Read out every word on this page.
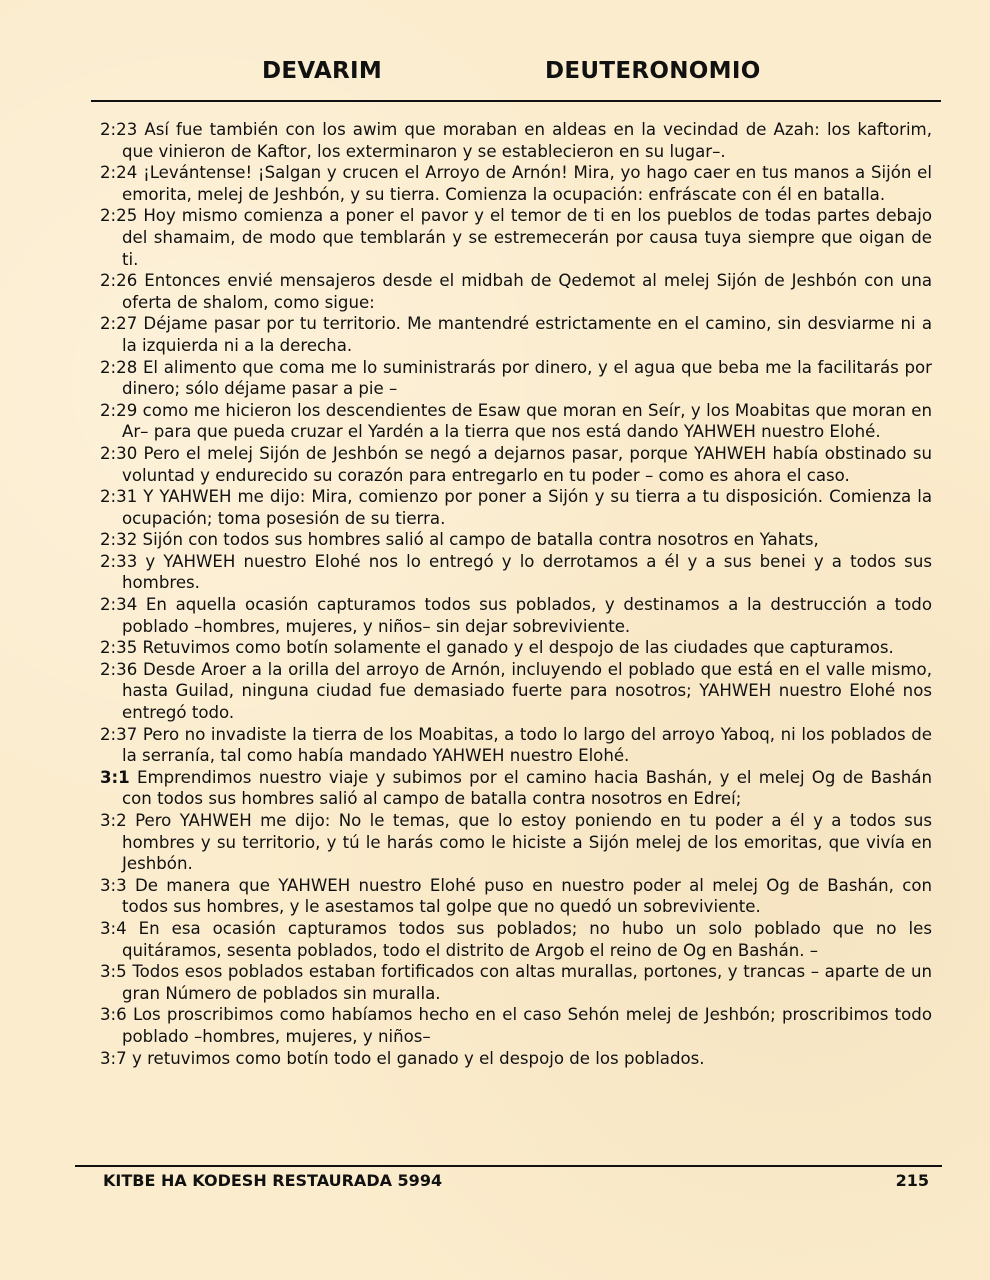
DEVARIM	DEUTERONOMIO

2:23 Así fue también con los awim que moraban en aldeas en la vecindad de Azah: los kaftorim, que vinieron de Kaftor, los exterminaron y se establecieron en su lugar–.

2:24 ¡Levántense! ¡Salgan y crucen el Arroyo de Arnón! Mira, yo hago caer en tus manos a Sijón el emorita, melej de Jeshbón, y su tierra. Comienza la ocupación: enfráscate con él en batalla.

2:25 Hoy mismo comienza a poner el pavor y el temor de ti en los pueblos de todas partes debajo del shamaim, de modo que temblarán y se estremecerán por causa tuya siempre que oigan de ti.

2:26 Entonces envié mensajeros desde el midbah de Qedemot al melej Sijón de Jeshbón con una oferta de shalom, como sigue:

2:27 Déjame pasar por tu territorio. Me mantendré estrictamente en el camino, sin desviarme ni a la izquierda ni a la derecha.

2:28 El alimento que coma me lo suministrarás por dinero, y el agua que beba me la facilitarás por dinero; sólo déjame pasar a pie –

2:29 como me hicieron los descendientes de Esaw que moran en Seír, y los Moabitas que moran en Ar– para que pueda cruzar el Yardén a la tierra que nos está dando YAHWEH nuestro Elohé.

2:30 Pero el melej Sijón de Jeshbón se negó a dejarnos pasar, porque YAHWEH había obstinado su voluntad y endurecido su corazón para entregarlo en tu poder – como es ahora el caso.

2:31 Y YAHWEH me dijo: Mira, comienzo por poner a Sijón y su tierra a tu disposición. Comienza la ocupación; toma posesión de su tierra.

2:32 Sijón con todos sus hombres salió al campo de batalla contra nosotros en Yahats,

2:33 y YAHWEH nuestro Elohé nos lo entregó y lo derrotamos a él y a sus benei y a todos sus hombres.

2:34 En aquella ocasión capturamos todos sus poblados, y destinamos a la destrucción a todo poblado –hombres, mujeres, y niños– sin dejar sobreviviente.

2:35 Retuvimos como botín solamente el ganado y el despojo de las ciudades que capturamos.

2:36 Desde Aroer a la orilla del arroyo de Arnón, incluyendo el poblado que está en el valle mismo, hasta Guilad, ninguna ciudad fue demasiado fuerte para nosotros; YAHWEH nuestro Elohé nos entregó todo.

2:37 Pero no invadiste la tierra de los Moabitas, a todo lo largo del arroyo Yaboq, ni los poblados de la serranía, tal como había mandado YAHWEH nuestro Elohé.

3:1 Emprendimos nuestro viaje y subimos por el camino hacia Bashán, y el melej Og de Bashán con todos sus hombres salió al campo de batalla contra nosotros en Edreí;

3:2 Pero YAHWEH me dijo: No le temas, que lo estoy poniendo en tu poder a él y a todos sus hombres y su territorio, y tú le harás como le hiciste a Sijón melej de los emoritas, que vivía en Jeshbón.

3:3 De manera que YAHWEH nuestro Elohé puso en nuestro poder al melej Og de Bashán, con todos sus hombres, y le asestamos tal golpe que no quedó un sobreviviente.

3:4 En esa ocasión capturamos todos sus poblados; no hubo un solo poblado que no les quitáramos, sesenta poblados, todo el distrito de Argob el reino de Og en Bashán. –

3:5 Todos esos poblados estaban fortificados con altas murallas, portones, y trancas – aparte de un gran Número de poblados sin muralla.

3:6 Los proscribimos como habíamos hecho en el caso Sehón melej de Jeshbón; proscribimos todo poblado –hombres, mujeres, y niños–

3:7 y retuvimos como botín todo el ganado y el despojo de los poblados.

KITBE HA KODESH RESTAURADA 5994	215
